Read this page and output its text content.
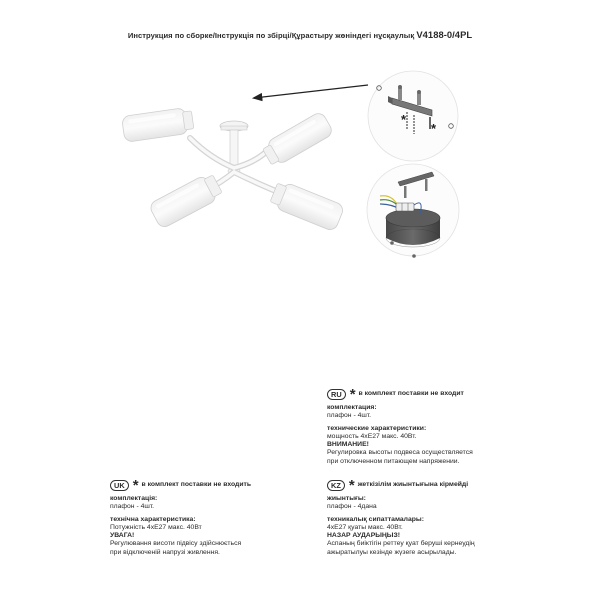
Инструкция по сборке/Інструкція по збірці/Құрастыру жөніндегі нұсқаулық V4188-0/4PL
*
*
RU * в комплект поставки не входит
комплектация:
плафон - 4шт.
технические характеристики:
мощность 4xE27 макс. 40Вт.
ВНИМАНИЕ!
Регулировка высоты подвеса осуществляется
при отключенном питающем напряжении.
UK * в комплект поставки не входить
комплектація:
плафон - 4шт.
технічна характеристика:
Потужність 4xE27 макс. 40Вт
УВАГА!
Регулювання висоти підвісу здійснюється
при відключеній напрузі живлення.
KZ * жеткізілім жиынтығына кірмейді
жиынтығы:
плафон - 4дана
техникалық сипаттамалары:
4xE27 қуаты макс. 40Вт.
НАЗАР АУДАРЫҢЫЗ!
Аспаның биіктігін реттеу қуат беруші кернеудің
ажыратылуы кезінде жүзеге асырылады.
